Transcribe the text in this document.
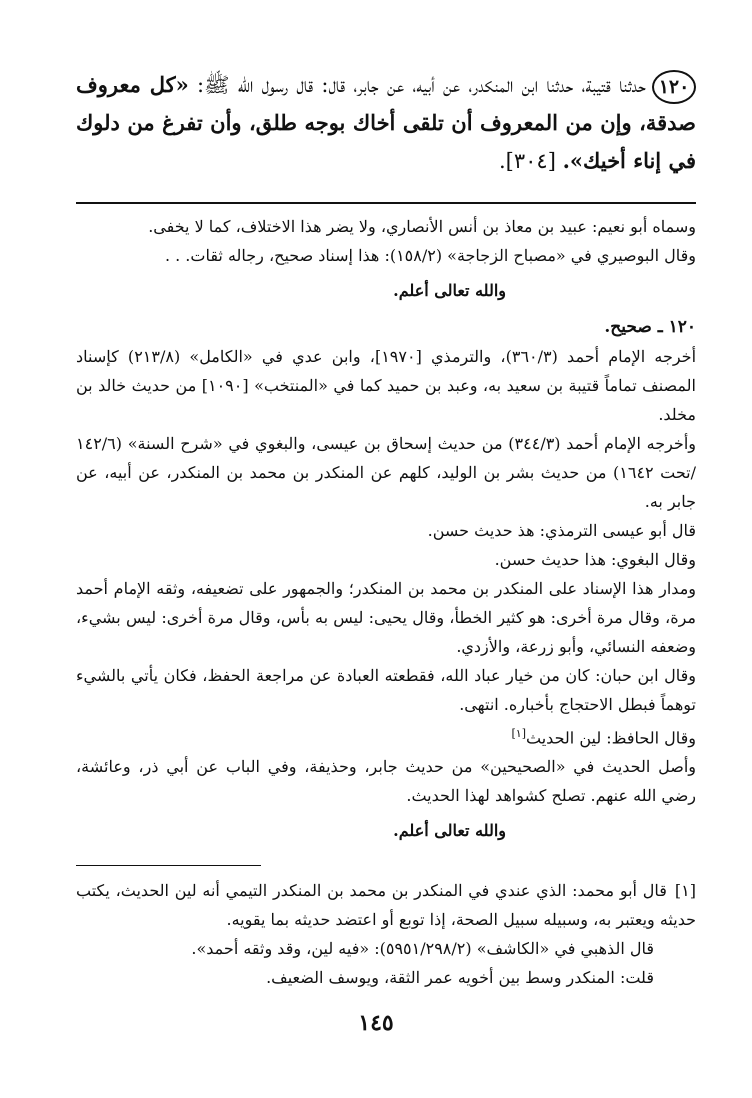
١٢٠حدثنا قتيبة، حدثنا ابن المنكدر، عن أبيه، عن جابر، قال: قال رسول الله ﷺ: «كل معروف صدقة، وإن من المعروف أن تلقى أخاك بوجه طلق، وأن تفرغ من دلوك في إناء أخيك». [٣٠٤].

وسماه أبو نعيم: عبيد بن معاذ بن أنس الأنصاري، ولا يضر هذا الاختلاف، كما لا يخفى.

وقال البوصيري في «مصباح الزجاجة» (١٥٨/٢): هذا إسناد صحيح، رجاله ثقات. . .

والله تعالى أعلم.

١٢٠ ـ صحيح.

أخرجه الإمام أحمد (٣٦٠/٣)، والترمذي [١٩٧٠]، وابن عدي في «الكامل» (٢١٣/٨) كإسناد المصنف تماماً قتيبة بن سعيد به، وعبد بن حميد كما في «المنتخب» [١٠٩٠] من حديث خالد بن مخلد.

وأخرجه الإمام أحمد (٣٤٤/٣) من حديث إسحاق بن عيسى، والبغوي في «شرح السنة» (١٤٢/٦ /تحت ١٦٤٢) من حديث بشر بن الوليد، كلهم عن المنكدر بن محمد بن المنكدر، عن أبيه، عن جابر به.

قال أبو عيسى الترمذي: هذ حديث حسن.

وقال البغوي: هذا حديث حسن.

ومدار هذا الإسناد على المنكدر بن محمد بن المنكدر؛ والجمهور على تضعيفه، وثقه الإمام أحمد مرة، وقال مرة أخرى: هو كثير الخطأ، وقال يحيى: ليس به بأس، وقال مرة أخرى: ليس بشيء، وضعفه النسائي، وأبو زرعة، والأزدي.

وقال ابن حبان: كان من خيار عباد الله، فقطعته العبادة عن مراجعة الحفظ، فكان يأتي بالشيء توهماً فبطل الاحتجاج بأخباره. انتهى.

وقال الحافظ: لين الحديث[١]

وأصل الحديث في «الصحيحين» من حديث جابر، وحذيفة، وفي الباب عن أبي ذر، وعائشة، رضي الله عنهم. تصلح كشواهد لهذا الحديث.

والله تعالى أعلم.

[١]قال أبو محمد: الذي عندي في المنكدر بن محمد بن المنكدر التيمي أنه لين الحديث، يكتب حديثه ويعتبر به، وسبيله سبيل الصحة، إذا توبع أو اعتضد حديثه بما يقويه.

قال الذهبي في «الكاشف» (٥٩٥١/٢٩٨/٢): «فيه لين، وقد وثقه أحمد».

قلت: المنكدر وسط بين أخويه عمر الثقة، ويوسف الضعيف.

١٤٥
